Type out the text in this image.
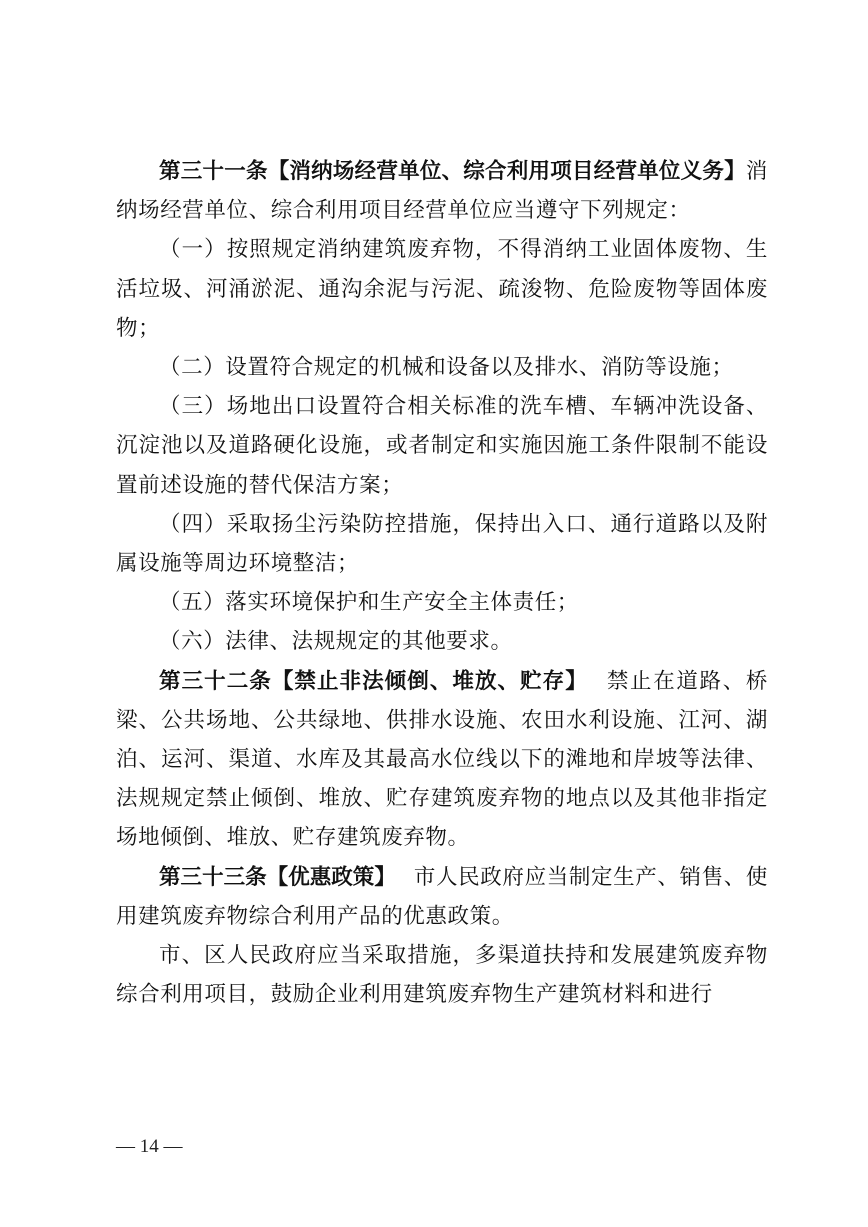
第三十一条【消纳场经营单位、综合利用项目经营单位义务】消纳场经营单位、综合利用项目经营单位应当遵守下列规定：

（一）按照规定消纳建筑废弃物，不得消纳工业固体废物、生活垃圾、河涌淤泥、通沟余泥与污泥、疏浚物、危险废物等固体废物；

（二）设置符合规定的机械和设备以及排水、消防等设施；

（三）场地出口设置符合相关标准的洗车槽、车辆冲洗设备、沉淀池以及道路硬化设施，或者制定和实施因施工条件限制不能设置前述设施的替代保洁方案；

（四）采取扬尘污染防控措施，保持出入口、通行道路以及附属设施等周边环境整洁；

（五）落实环境保护和生产安全主体责任；

（六）法律、法规规定的其他要求。

第三十二条【禁止非法倾倒、堆放、贮存】 禁止在道路、桥梁、公共场地、公共绿地、供排水设施、农田水利设施、江河、湖泊、运河、渠道、水库及其最高水位线以下的滩地和岸坡等法律、法规规定禁止倾倒、堆放、贮存建筑废弃物的地点以及其他非指定场地倾倒、堆放、贮存建筑废弃物。

第三十三条【优惠政策】 市人民政府应当制定生产、销售、使用建筑废弃物综合利用产品的优惠政策。

市、区人民政府应当采取措施，多渠道扶持和发展建筑废弃物综合利用项目，鼓励企业利用建筑废弃物生产建筑材料和进行

— 14 —
